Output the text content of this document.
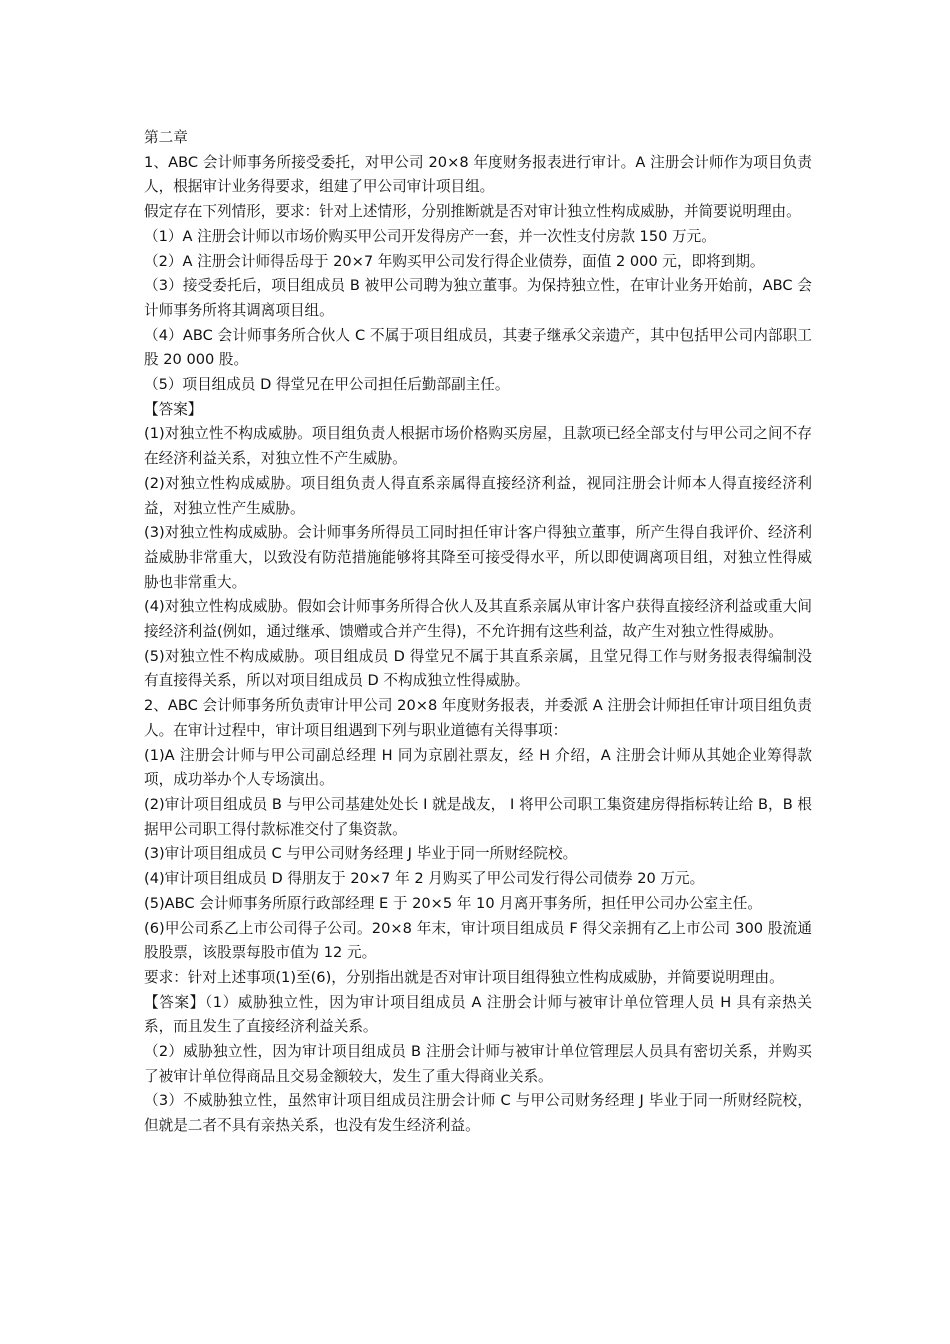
第二章

1、ABC 会计师事务所接受委托，对甲公司 20×8 年度财务报表进行审计。A 注册会计师作为项目负责人，根据审计业务得要求，组建了甲公司审计项目组。

假定存在下列情形，要求：针对上述情形，分别推断就是否对审计独立性构成威胁，并简要说明理由。

（1）A 注册会计师以市场价购买甲公司开发得房产一套，并一次性支付房款 150 万元。

（2）A 注册会计师得岳母于 20×7 年购买甲公司发行得企业债券，面值 2 000 元，即将到期。

（3）接受委托后，项目组成员 B 被甲公司聘为独立董事。为保持独立性，在审计业务开始前，ABC 会计师事务所将其调离项目组。

（4）ABC 会计师事务所合伙人 C 不属于项目组成员，其妻子继承父亲遗产，其中包括甲公司内部职工股 20 000 股。

（5）项目组成员 D 得堂兄在甲公司担任后勤部副主任。

【答案】

(1)对独立性不构成威胁。项目组负责人根据市场价格购买房屋，且款项已经全部支付与甲公司之间不存在经济利益关系，对独立性不产生威胁。

(2)对独立性构成威胁。项目组负责人得直系亲属得直接经济利益，视同注册会计师本人得直接经济利益，对独立性产生威胁。

(3)对独立性构成威胁。会计师事务所得员工同时担任审计客户得独立董事，所产生得自我评价、经济利益威胁非常重大，以致没有防范措施能够将其降至可接受得水平，所以即使调离项目组，对独立性得威胁也非常重大。

(4)对独立性构成威胁。假如会计师事务所得合伙人及其直系亲属从审计客户获得直接经济利益或重大间接经济利益(例如，通过继承、馈赠或合并产生得)，不允许拥有这些利益，故产生对独立性得威胁。

(5)对独立性不构成威胁。项目组成员 D 得堂兄不属于其直系亲属，且堂兄得工作与财务报表得编制没有直接得关系，所以对项目组成员 D 不构成独立性得威胁。

2、ABC 会计师事务所负责审计甲公司 20×8 年度财务报表，并委派 A 注册会计师担任审计项目组负责人。在审计过程中，审计项目组遇到下列与职业道德有关得事项：

(1)A 注册会计师与甲公司副总经理 H 同为京剧社票友，经 H 介绍，A 注册会计师从其她企业筹得款项，成功举办个人专场演出。

(2)审计项目组成员 B 与甲公司基建处处长 I 就是战友， I 将甲公司职工集资建房得指标转让给 B，B 根据甲公司职工得付款标准交付了集资款。

(3)审计项目组成员 C 与甲公司财务经理 J 毕业于同一所财经院校。

(4)审计项目组成员 D 得朋友于 20×7 年 2 月购买了甲公司发行得公司债券 20 万元。

(5)ABC 会计师事务所原行政部经理 E 于 20×5 年 10 月离开事务所，担任甲公司办公室主任。

(6)甲公司系乙上市公司得子公司。20×8 年末，审计项目组成员 F 得父亲拥有乙上市公司 300 股流通股股票，该股票每股市值为 12 元。

要求：针对上述事项(1)至(6)，分别指出就是否对审计项目组得独立性构成威胁，并简要说明理由。

【答案】（1）威胁独立性，因为审计项目组成员 A 注册会计师与被审计单位管理人员 H 具有亲热关系，而且发生了直接经济利益关系。

（2）威胁独立性，因为审计项目组成员 B 注册会计师与被审计单位管理层人员具有密切关系，并购买了被审计单位得商品且交易金额较大，发生了重大得商业关系。

（3）不威胁独立性，虽然审计项目组成员注册会计师 C 与甲公司财务经理 J 毕业于同一所财经院校，但就是二者不具有亲热关系，也没有发生经济利益。
